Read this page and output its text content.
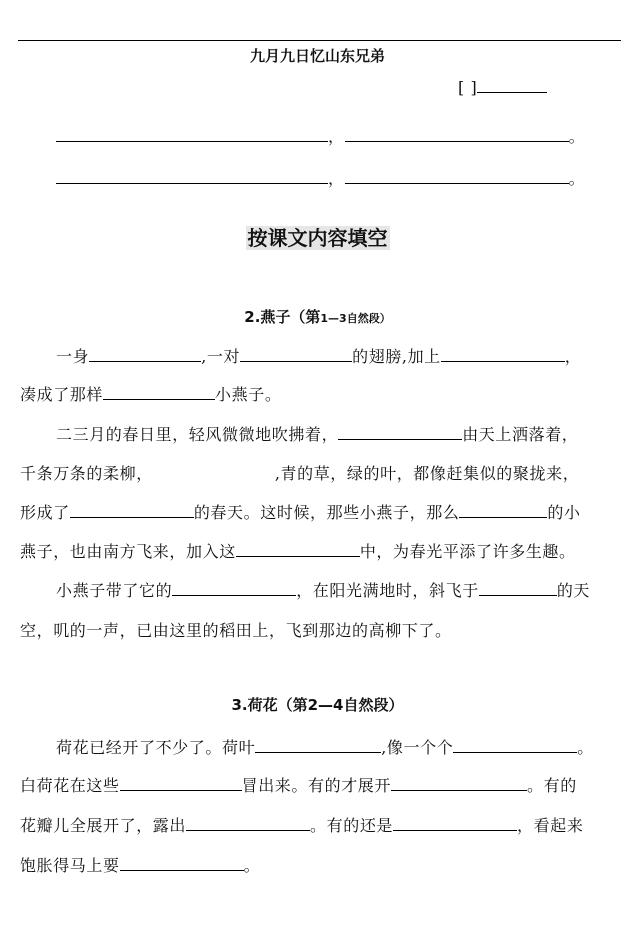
九月九日忆山东兄弟
[ ]
，	。
，	。
按课文内容填空
2.燕子（第1—3自然段）
一身	,一对	的翅膀,加上	，
凑成了那样	小燕子。
二三月的春日里，轻风微微地吹拂着，	由天上洒落着，
千条万条的柔柳，	,青的草，绿的叶，都像赶集似的聚拢来，
形成了	的春天。这时候，那些小燕子，那么	的小
燕子，也由南方飞来，加入这	中，为春光平添了许多生趣。
小燕子带了它的	，在阳光满地时，斜飞于	的天
空，叽的一声，已由这里的稻田上，飞到那边的高柳下了。
3.荷花（第2—4自然段）
荷花已经开了不少了。荷叶	,像一个个	。
白荷花在这些	冒出来。有的才展开	。有的
花瓣儿全展开了，露出	。有的还是	，看起来
饱胀得马上要	。
